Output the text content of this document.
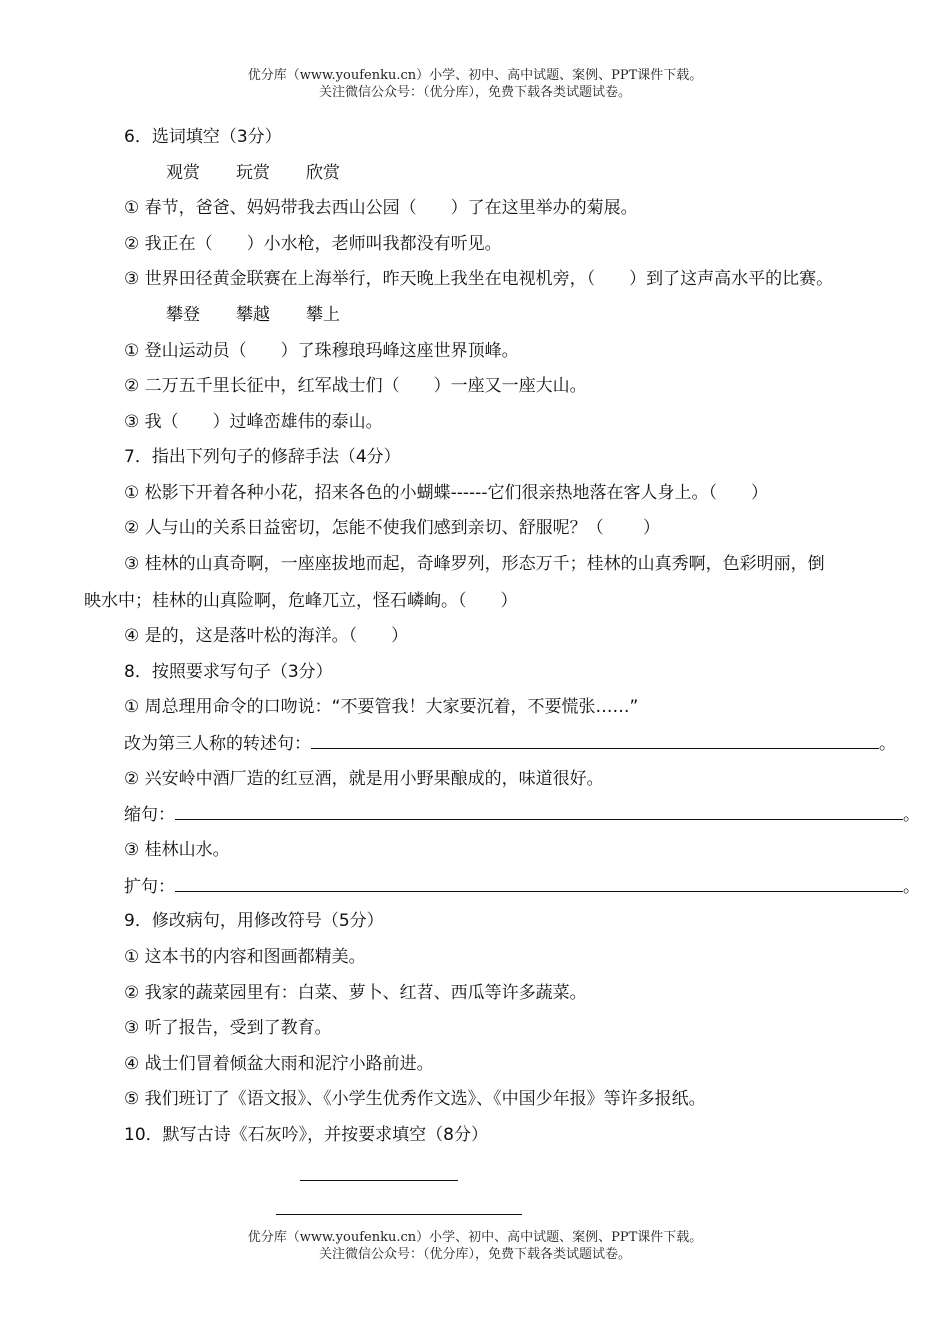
优分库（www.youfenku.cn）小学、初中、高中试题、案例、PPT课件下载。
关注微信公众号：（优分库），免费下载各类试题试卷。
6．选词填空（3分）
观赏 玩赏 欣赏
① 春节，爸爸、妈妈带我去西山公园（　　）了在这里举办的菊展。
② 我正在（　　）小水枪，老师叫我都没有听见。
③ 世界田径黄金联赛在上海举行，昨天晚上我坐在电视机旁，（　　）到了这声高水平的比赛。
攀登 攀越 攀上
① 登山运动员（　　）了珠穆琅玛峰这座世界顶峰。
② 二万五千里长征中，红军战士们（　　）一座又一座大山。
③ 我（　　）过峰峦雄伟的泰山。
7．指出下列句子的修辞手法（4分）
① 松影下开着各种小花，招来各色的小蝴蝶------它们很亲热地落在客人身上。（　　）
② 人与山的关系日益密切，怎能不使我们感到亲切、舒服呢？（　　 ）
③ 桂林的山真奇啊，一座座拔地而起，奇峰罗列，形态万千；桂林的山真秀啊，色彩明丽，倒
映水中；桂林的山真险啊，危峰兀立，怪石嶙峋。（　　）
④ 是的，这是落叶松的海洋。（　　）
8．按照要求写句子（3分）
① 周总理用命令的口吻说：“不要管我！大家要沉着，不要慌张……”
改为第三人称的转述句：	。
② 兴安岭中酒厂造的红豆酒，就是用小野果酿成的，味道很好。
缩句：	。
③ 桂林山水。
扩句：	。
9．修改病句，用修改符号（5分）
① 这本书的内容和图画都精美。
② 我家的蔬菜园里有：白菜、萝卜、红苕、西瓜等许多蔬菜。
③ 听了报告，受到了教育。
④ 战士们冒着倾盆大雨和泥泞小路前进。
⑤ 我们班订了《语文报》、《小学生优秀作文选》、《中国少年报》等许多报纸。
10．默写古诗《石灰吟》，并按要求填空（8分）
优分库（www.youfenku.cn）小学、初中、高中试题、案例、PPT课件下载。
关注微信公众号：（优分库），免费下载各类试题试卷。
